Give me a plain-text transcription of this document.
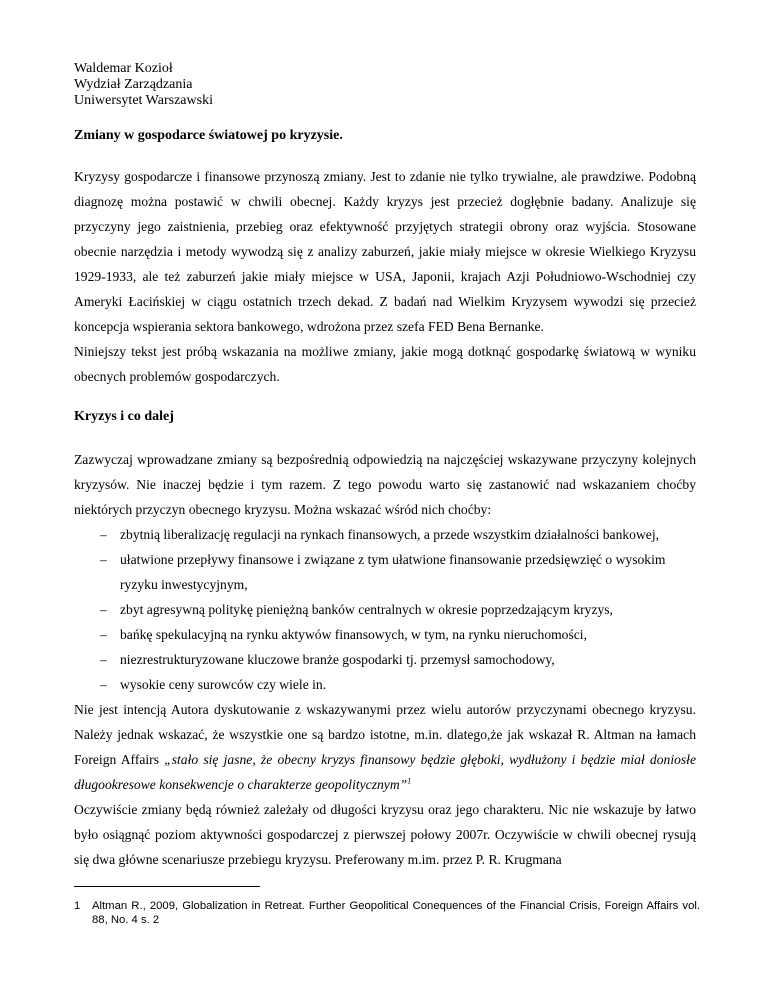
Waldemar Kozioł

Wydział Zarządzania

Uniwersytet Warszawski

Zmiany w gospodarce światowej po kryzysie.

Kryzysy gospodarcze i finansowe przynoszą zmiany. Jest to zdanie nie tylko trywialne, ale prawdziwe. Podobną diagnozę można postawić w chwili obecnej. Każdy kryzys jest przecież dogłębnie badany. Analizuje się przyczyny jego zaistnienia, przebieg oraz efektywność przyjętych strategii obrony oraz wyjścia. Stosowane obecnie narzędzia i metody wywodzą się z analizy zaburzeń, jakie miały miejsce w okresie Wielkiego Kryzysu 1929-1933, ale też zaburzeń jakie miały miejsce w USA, Japonii, krajach Azji Południowo-Wschodniej czy Ameryki Łacińskiej w ciągu ostatnich trzech dekad. Z badań nad Wielkim Kryzysem wywodzi się przecież koncepcja wspierania sektora bankowego, wdrożona przez szefa FED Bena Bernanke.

Niniejszy tekst jest próbą wskazania na możliwe zmiany, jakie mogą dotknąć gospodarkę światową w wyniku obecnych problemów gospodarczych.

Kryzys i co dalej

Zazwyczaj wprowadzane zmiany są bezpośrednią odpowiedzią na najczęściej wskazywane przyczyny kolejnych kryzysów. Nie inaczej będzie i tym razem. Z tego powodu warto się zastanowić nad wskazaniem choćby niektórych przyczyn obecnego kryzysu. Można wskazać wśród nich choćby:

– zbytnią liberalizację regulacji na rynkach finansowych, a przede wszystkim działalności bankowej,
– ułatwione przepływy finansowe i związane z tym ułatwione finansowanie przedsięwzięć o wysokim ryzyku inwestycyjnym,
– zbyt agresywną politykę pieniężną banków centralnych w okresie poprzedzającym kryzys,
– bańkę spekulacyjną na rynku aktywów finansowych, w tym, na rynku nieruchomości,
– niezrestrukturyzowane kluczowe branże gospodarki tj. przemysł samochodowy,
– wysokie ceny surowców czy wiele in.

Nie jest intencją Autora dyskutowanie z wskazywanymi przez wielu autorów przyczynami obecnego kryzysu. Należy jednak wskazać, że wszystkie one są bardzo istotne, m.in. dlatego,że jak wskazał R. Altman na łamach Foreign Affairs „stało się jasne, że obecny kryzys finansowy będzie głęboki, wydłużony i będzie miał doniosłe długookresowe konsekwencje o charakterze geopolitycznym”$^1$

Oczywiście zmiany będą również zależały od długości kryzysu oraz jego charakteru. Nic nie wskazuje by łatwo było osiągnąć poziom aktywności gospodarczej z pierwszej połowy 2007r. Oczywiście w chwili obecnej rysują się dwa główne scenariusze przebiegu kryzysu. Preferowany m.im. przez P. R. Krugmana

1 Altman R., 2009, Globalization in Retreat. Further Geopolitical Conequences of the Financial Crisis, Foreign Affairs vol. 88, No. 4 s. 2
